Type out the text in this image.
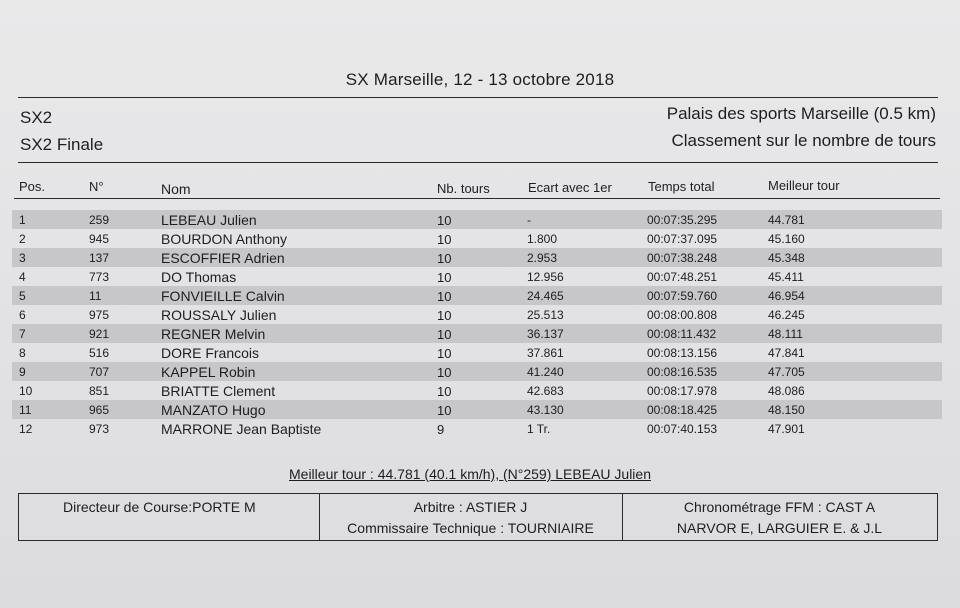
SX Marseille, 12 - 13 octobre 2018
SX2
SX2 Finale
Palais des sports Marseille (0.5 km)
Classement sur le nombre de tours
Pos.	N°	Nom	Nb. tours	Ecart avec 1er	Temps total	Meilleur tour
1	259	LEBEAU Julien	10	-	00:07:35.295	44.781
2	945	BOURDON Anthony	10	1.800	00:07:37.095	45.160
3	137	ESCOFFIER Adrien	10	2.953	00:07:38.248	45.348
4	773	DO Thomas	10	12.956	00:07:48.251	45.411
5	11	FONVIEILLE Calvin	10	24.465	00:07:59.760	46.954
6	975	ROUSSALY Julien	10	25.513	00:08:00.808	46.245
7	921	REGNER Melvin	10	36.137	00:08:11.432	48.111
8	516	DORE Francois	10	37.861	00:08:13.156	47.841
9	707	KAPPEL Robin	10	41.240	00:08:16.535	47.705
10	851	BRIATTE Clement	10	42.683	00:08:17.978	48.086
11	965	MANZATO Hugo	10	43.130	00:08:18.425	48.150
12	973	MARRONE Jean Baptiste	9	1 Tr.	00:07:40.153	47.901
Meilleur tour : 44.781 (40.1 km/h), (N°259) LEBEAU Julien
Directeur de Course:PORTE M	Arbitre : ASTIER J
Commissaire Technique : TOURNIAIRE
Chronométrage FFM : CAST A
NARVOR E, LARGUIER E. & J.L
